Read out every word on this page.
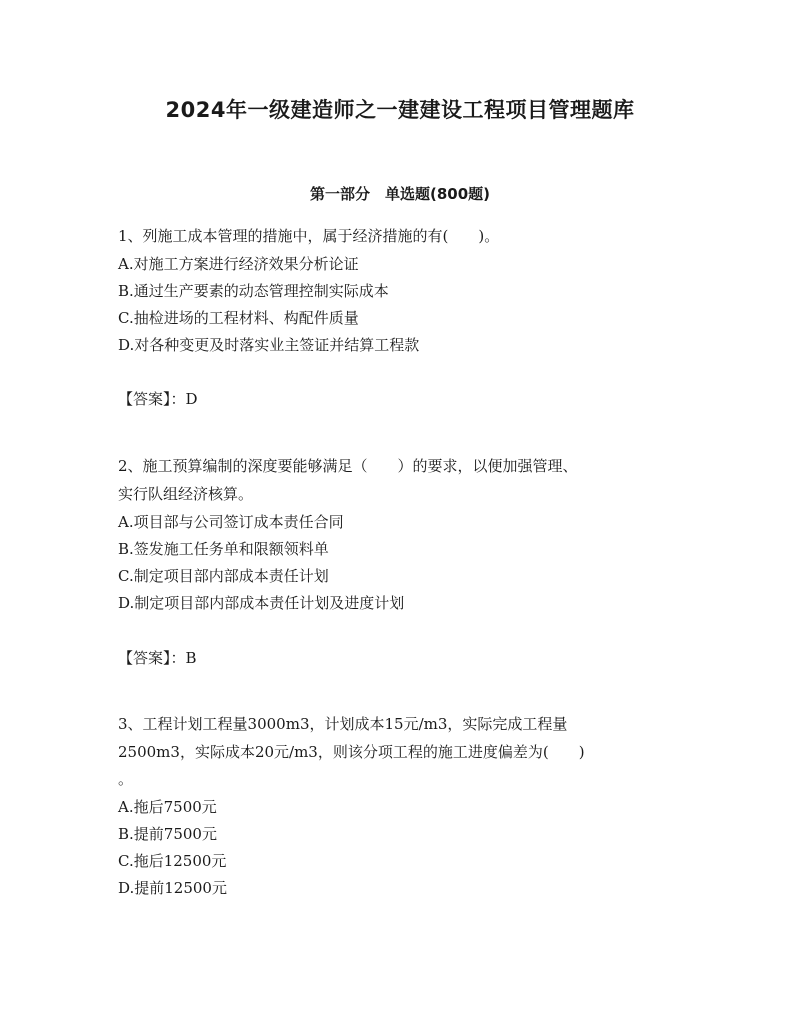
2024年一级建造师之一建建设工程项目管理题库
第一部分　单选题(800题)

1、列施工成本管理的措施中，属于经济措施的有(　　)。

A.对施工方案进行经济效果分析论证

B.通过生产要素的动态管理控制实际成本

C.抽检进场的工程材料、构配件质量

D.对各种变更及时落实业主签证并结算工程款

【答案】：D

2、施工预算编制的深度要能够满足（　　）的要求，以便加强管理、

实行队组经济核算。

A.项目部与公司签订成本责任合同

B.签发施工任务单和限额领料单

C.制定项目部内部成本责任计划

D.制定项目部内部成本责任计划及进度计划

【答案】：B

3、工程计划工程量3000m3，计划成本15元/m3，实际完成工程量

2500m3，实际成本20元/m3，则该分项工程的施工进度偏差为(　　)

。

A.拖后7500元

B.提前7500元

C.拖后12500元

D.提前12500元
